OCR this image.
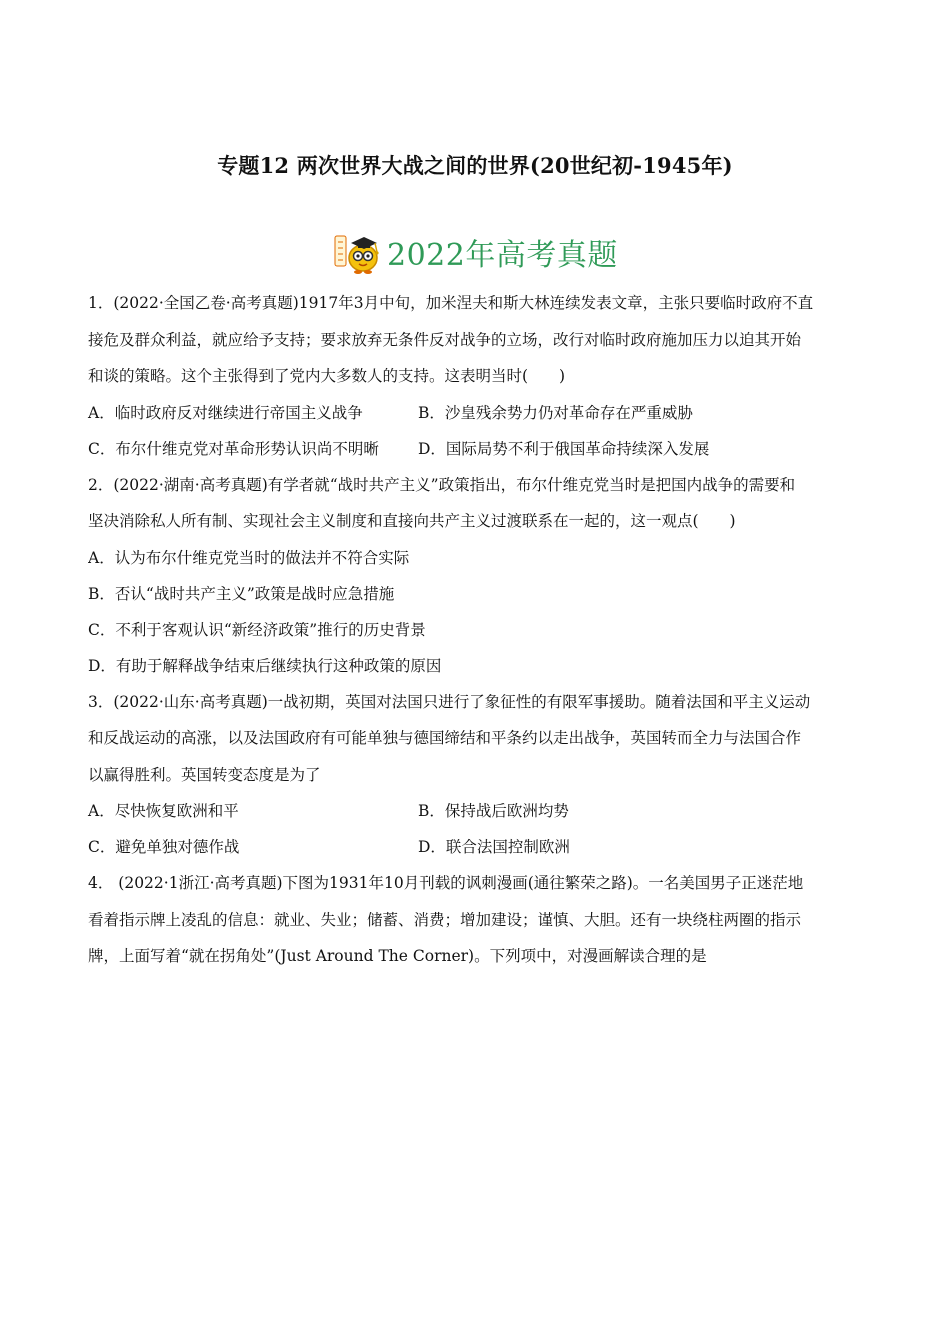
专题12 两次世界大战之间的世界(20世纪初-1945年)
2022年高考真题
1．(2022·全国乙卷·高考真题)1917年3月中旬，加米涅夫和斯大林连续发表文章，主张只要临时政府不直
接危及群众利益，就应给予支持；要求放弃无条件反对战争的立场，改行对临时政府施加压力以迫其开始
和谈的策略。这个主张得到了党内大多数人的支持。这表明当时(　　)
A．临时政府反对继续进行帝国主义战争	B．沙皇残余势力仍对革命存在严重威胁
C．布尔什维克党对革命形势认识尚不明晰	D．国际局势不利于俄国革命持续深入发展
2．(2022·湖南·高考真题)有学者就“战时共产主义”政策指出，布尔什维克党当时是把国内战争的需要和
坚决消除私人所有制、实现社会主义制度和直接向共产主义过渡联系在一起的，这一观点(　　)
A．认为布尔什维克党当时的做法并不符合实际
B．否认“战时共产主义”政策是战时应急措施
C．不利于客观认识“新经济政策”推行的历史背景
D．有助于解释战争结束后继续执行这种政策的原因
3．(2022·山东·高考真题)一战初期，英国对法国只进行了象征性的有限军事援助。随着法国和平主义运动
和反战运动的高涨，以及法国政府有可能单独与德国缔结和平条约以走出战争，英国转而全力与法国合作
以赢得胜利。英国转变态度是为了
A．尽快恢复欧洲和平	B．保持战后欧洲均势
C．避免单独对德作战	D．联合法国控制欧洲
4． (2022·1浙江·高考真题)下图为1931年10月刊载的讽刺漫画(通往繁荣之路)。一名美国男子正迷茫地
看着指示牌上凌乱的信息：就业、失业；储蓄、消费；增加建设；谨慎、大胆。还有一块绕柱两圈的指示
牌，上面写着“就在拐角处”(Just Around The Corner)。下列项中，对漫画解读合理的是
